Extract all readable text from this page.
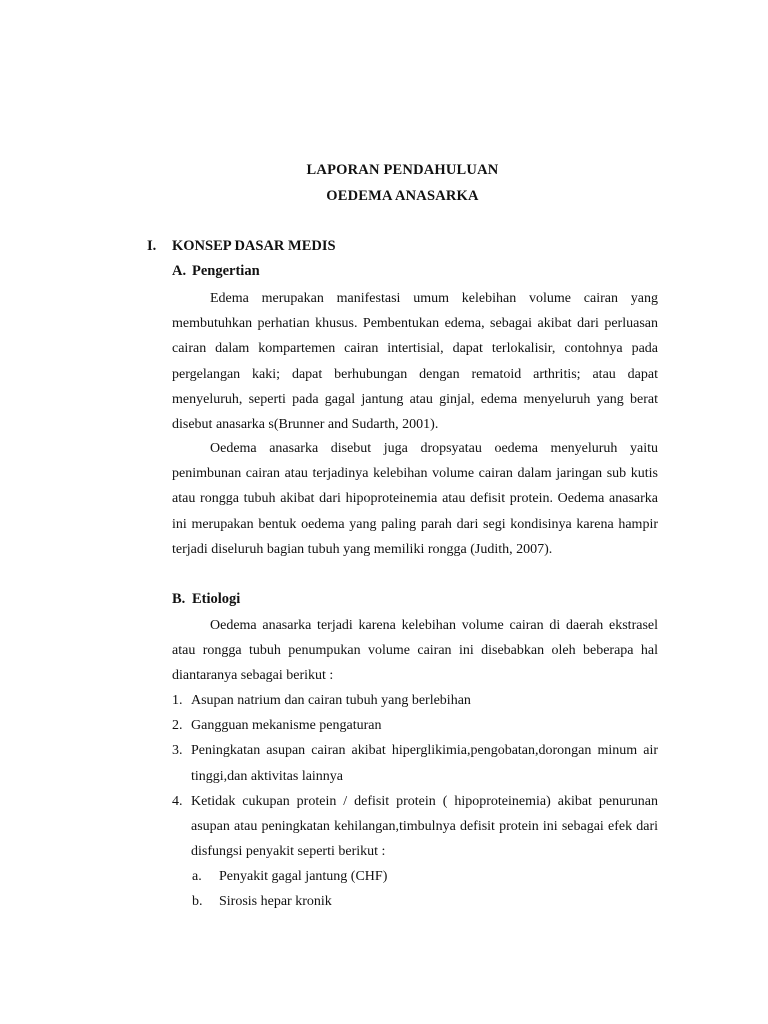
LAPORAN PENDAHULUAN
OEDEMA ANASARKA
I. KONSEP DASAR MEDIS
A. Pengertian

Edema merupakan manifestasi umum kelebihan volume cairan yang membutuhkan perhatian khusus. Pembentukan edema, sebagai akibat dari perluasan cairan dalam kompartemen cairan intertisial, dapat terlokalisir, contohnya pada pergelangan kaki; dapat berhubungan dengan rematoid arthritis; atau dapat menyeluruh, seperti pada gagal jantung atau ginjal, edema menyeluruh yang berat disebut anasarka s(Brunner and Sudarth, 2001).

Oedema anasarka disebut juga dropsyatau oedema menyeluruh yaitu penimbunan cairan atau terjadinya kelebihan volume cairan dalam jaringan sub kutis atau rongga tubuh akibat dari hipoproteinemia atau defisit protein. Oedema anasarka ini merupakan bentuk oedema yang paling parah dari segi kondisinya karena hampir terjadi diseluruh bagian tubuh yang memiliki rongga (Judith, 2007).

B. Etiologi

Oedema anasarka terjadi karena kelebihan volume cairan di daerah ekstrasel atau rongga tubuh penumpukan volume cairan ini disebabkan oleh beberapa hal diantaranya sebagai berikut :

1. Asupan natrium dan cairan tubuh yang berlebihan
2. Gangguan mekanisme pengaturan
3. Peningkatan asupan cairan akibat hiperglikimia,pengobatan,dorongan minum air tinggi,dan aktivitas lainnya
4. Ketidak cukupan protein / defisit protein ( hipoproteinemia) akibat penurunan asupan atau peningkatan kehilangan,timbulnya defisit protein ini sebagai efek dari disfungsi penyakit seperti berikut :
a.	Penyakit gagal jantung (CHF)
b.	Sirosis hepar kronik
